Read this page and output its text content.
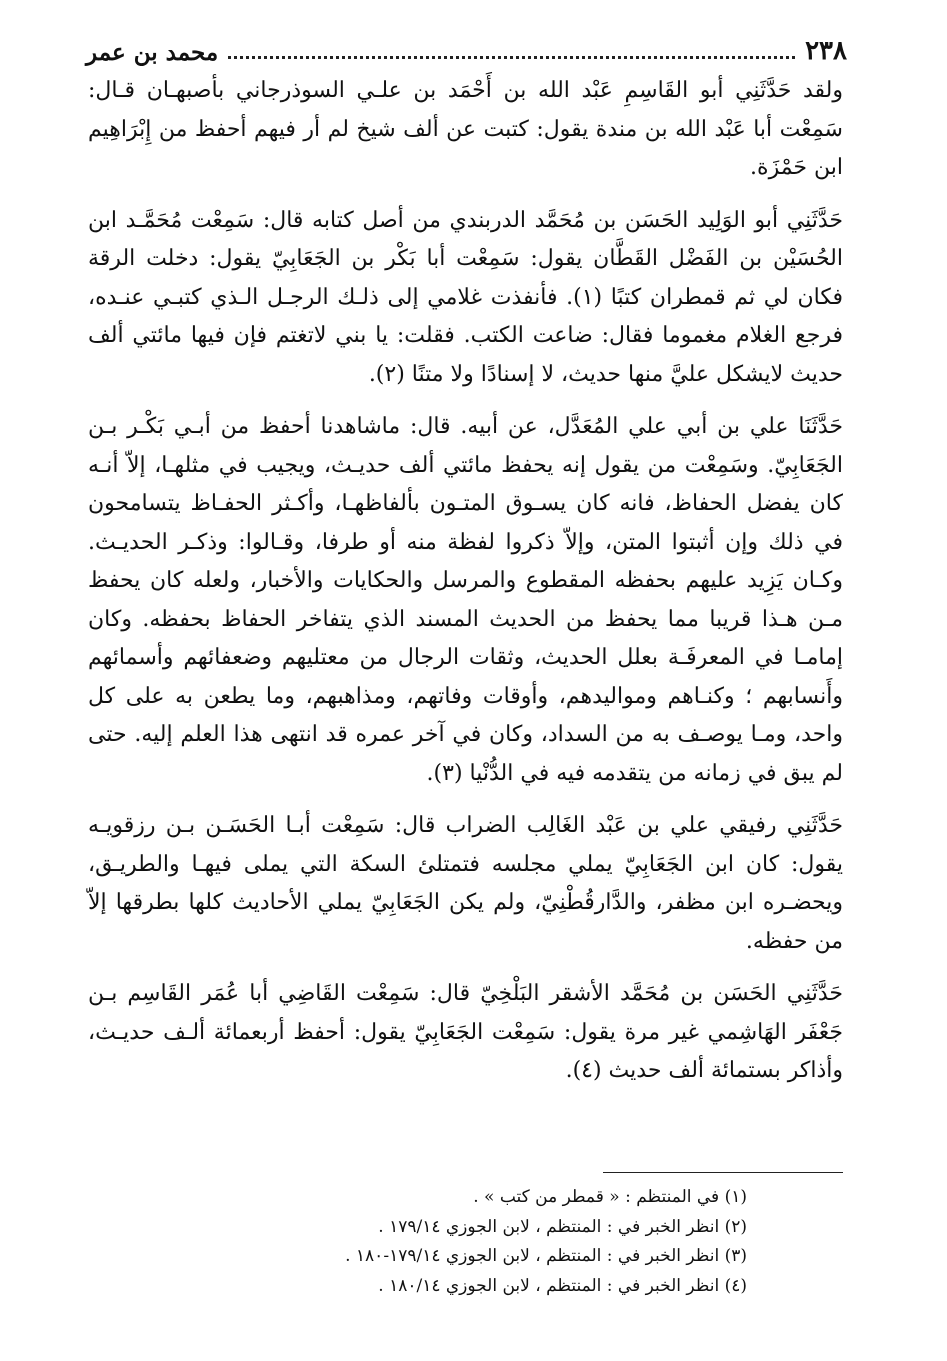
٢٣٨
محمد بن عمر

ولقد حَدَّثَنِي أبو القَاسِمِ عَبْد الله بن أَحْمَد بن علـي السوذرجاني بأصبهـان قـال: سَمِعْت أبا عَبْد الله بن مندة يقول: كتبت عن ألف شيخ لم أر فيهم أحفظ من إِبْرَاهِيم ابن حَمْزَة.

حَدَّثَنِي أبو الوَلِيد الحَسَن بن مُحَمَّد الدربندي من أصل كتابه قال: سَمِعْت مُحَمَّـد ابن الحُسَيْن بن الفَضْل القَطَّان يقول: سَمِعْت أبا بَكْر بن الجَعَابِيّ يقول: دخلت الرقة فكان لي ثم قمطران كتبًا (١). فأنفذت غلامي إلى ذلـك الرجـل الـذي كتبـي عنـده، فرجع الغلام مغموما فقال: ضاعت الكتب. فقلت: يا بني لاتغتم فإن فيها مائتي ألف حديث لايشكل عليَّ منها حديث، لا إسنادًا ولا متنًا (٢).

حَدَّثَنَا علي بن أبي علي المُعَدَّل، عن أبيه. قال: ماشاهدنا أحفظ من أبـي بَكْـر بـن الجَعَابِيّ. وسَمِعْت من يقول إنه يحفظ مائتي ألف حديـث، ويجيب في مثلهـا، إلاّ أنـه كان يفضل الحفاظ، فانه كان يسـوق المتـون بألفاظهـا، وأكـثر الحفـاظ يتسامحون في ذلك وإن أثبتوا المتن، وإلاّ ذكروا لفظة منه أو طرفا، وقـالوا: وذكـر الحديـث. وكـان يَزِيد عليهم بحفظه المقطوع والمرسل والحكايات والأخبار، ولعله كان يحفظ مـن هـذا قريبا مما يحفظ من الحديث المسند الذي يتفاخر الحفاظ بحفظه. وكان إمامـا في المعرفَـة بعلل الحديث، وثقات الرجال من معتليهم وضعفائهم وأسمائهم وأَنسابهم ؛ وكنـاهم ومواليدهم، وأوقات وفاتهم، ومذاهبهم، وما يطعن به على كل واحد، ومـا يوصـف به من السداد، وكان في آخر عمره قد انتهى هذا العلم إليه. حتى لم يبق في زمانه من يتقدمه فيه في الدُّنْيا (٣).

حَدَّثَنِي رفيقي علي بن عَبْد الغَالِب الضراب قال: سَمِعْت أبـا الحَسَـن بـن رزقويـه يقول: كان ابن الجَعَابِيّ يملي مجلسه فتمتلئ السكة التي يملى فيهـا والطريـق، ويحضـره ابن مظفر، والدَّارقُطْنِيّ، ولم يكن الجَعَابِيّ يملي الأحاديث كلها بطرقها إلاّ من حفظه.

حَدَّثَنِي الحَسَن بن مُحَمَّد الأشقر البَلْخِيّ قال: سَمِعْت القَاضِي أبا عُمَر القَاسِم بـن جَعْفَر الهَاشِمي غير مرة يقول: سَمِعْت الجَعَابِيّ يقول: أحفظ أربعمائة ألـف حديـث، وأذاكر بستمائة ألف حديث (٤).

(١) في المنتظم : « قمطر من كتب » .
(٢) انظر الخبر في : المنتظم ، لابن الجوزي ١٧٩/١٤ .
(٣) انظر الخبر في : المنتظم ، لابن الجوزي ١٧٩/١٤-١٨٠ .
(٤) انظر الخبر في : المنتظم ، لابن الجوزي ١٨٠/١٤ .
